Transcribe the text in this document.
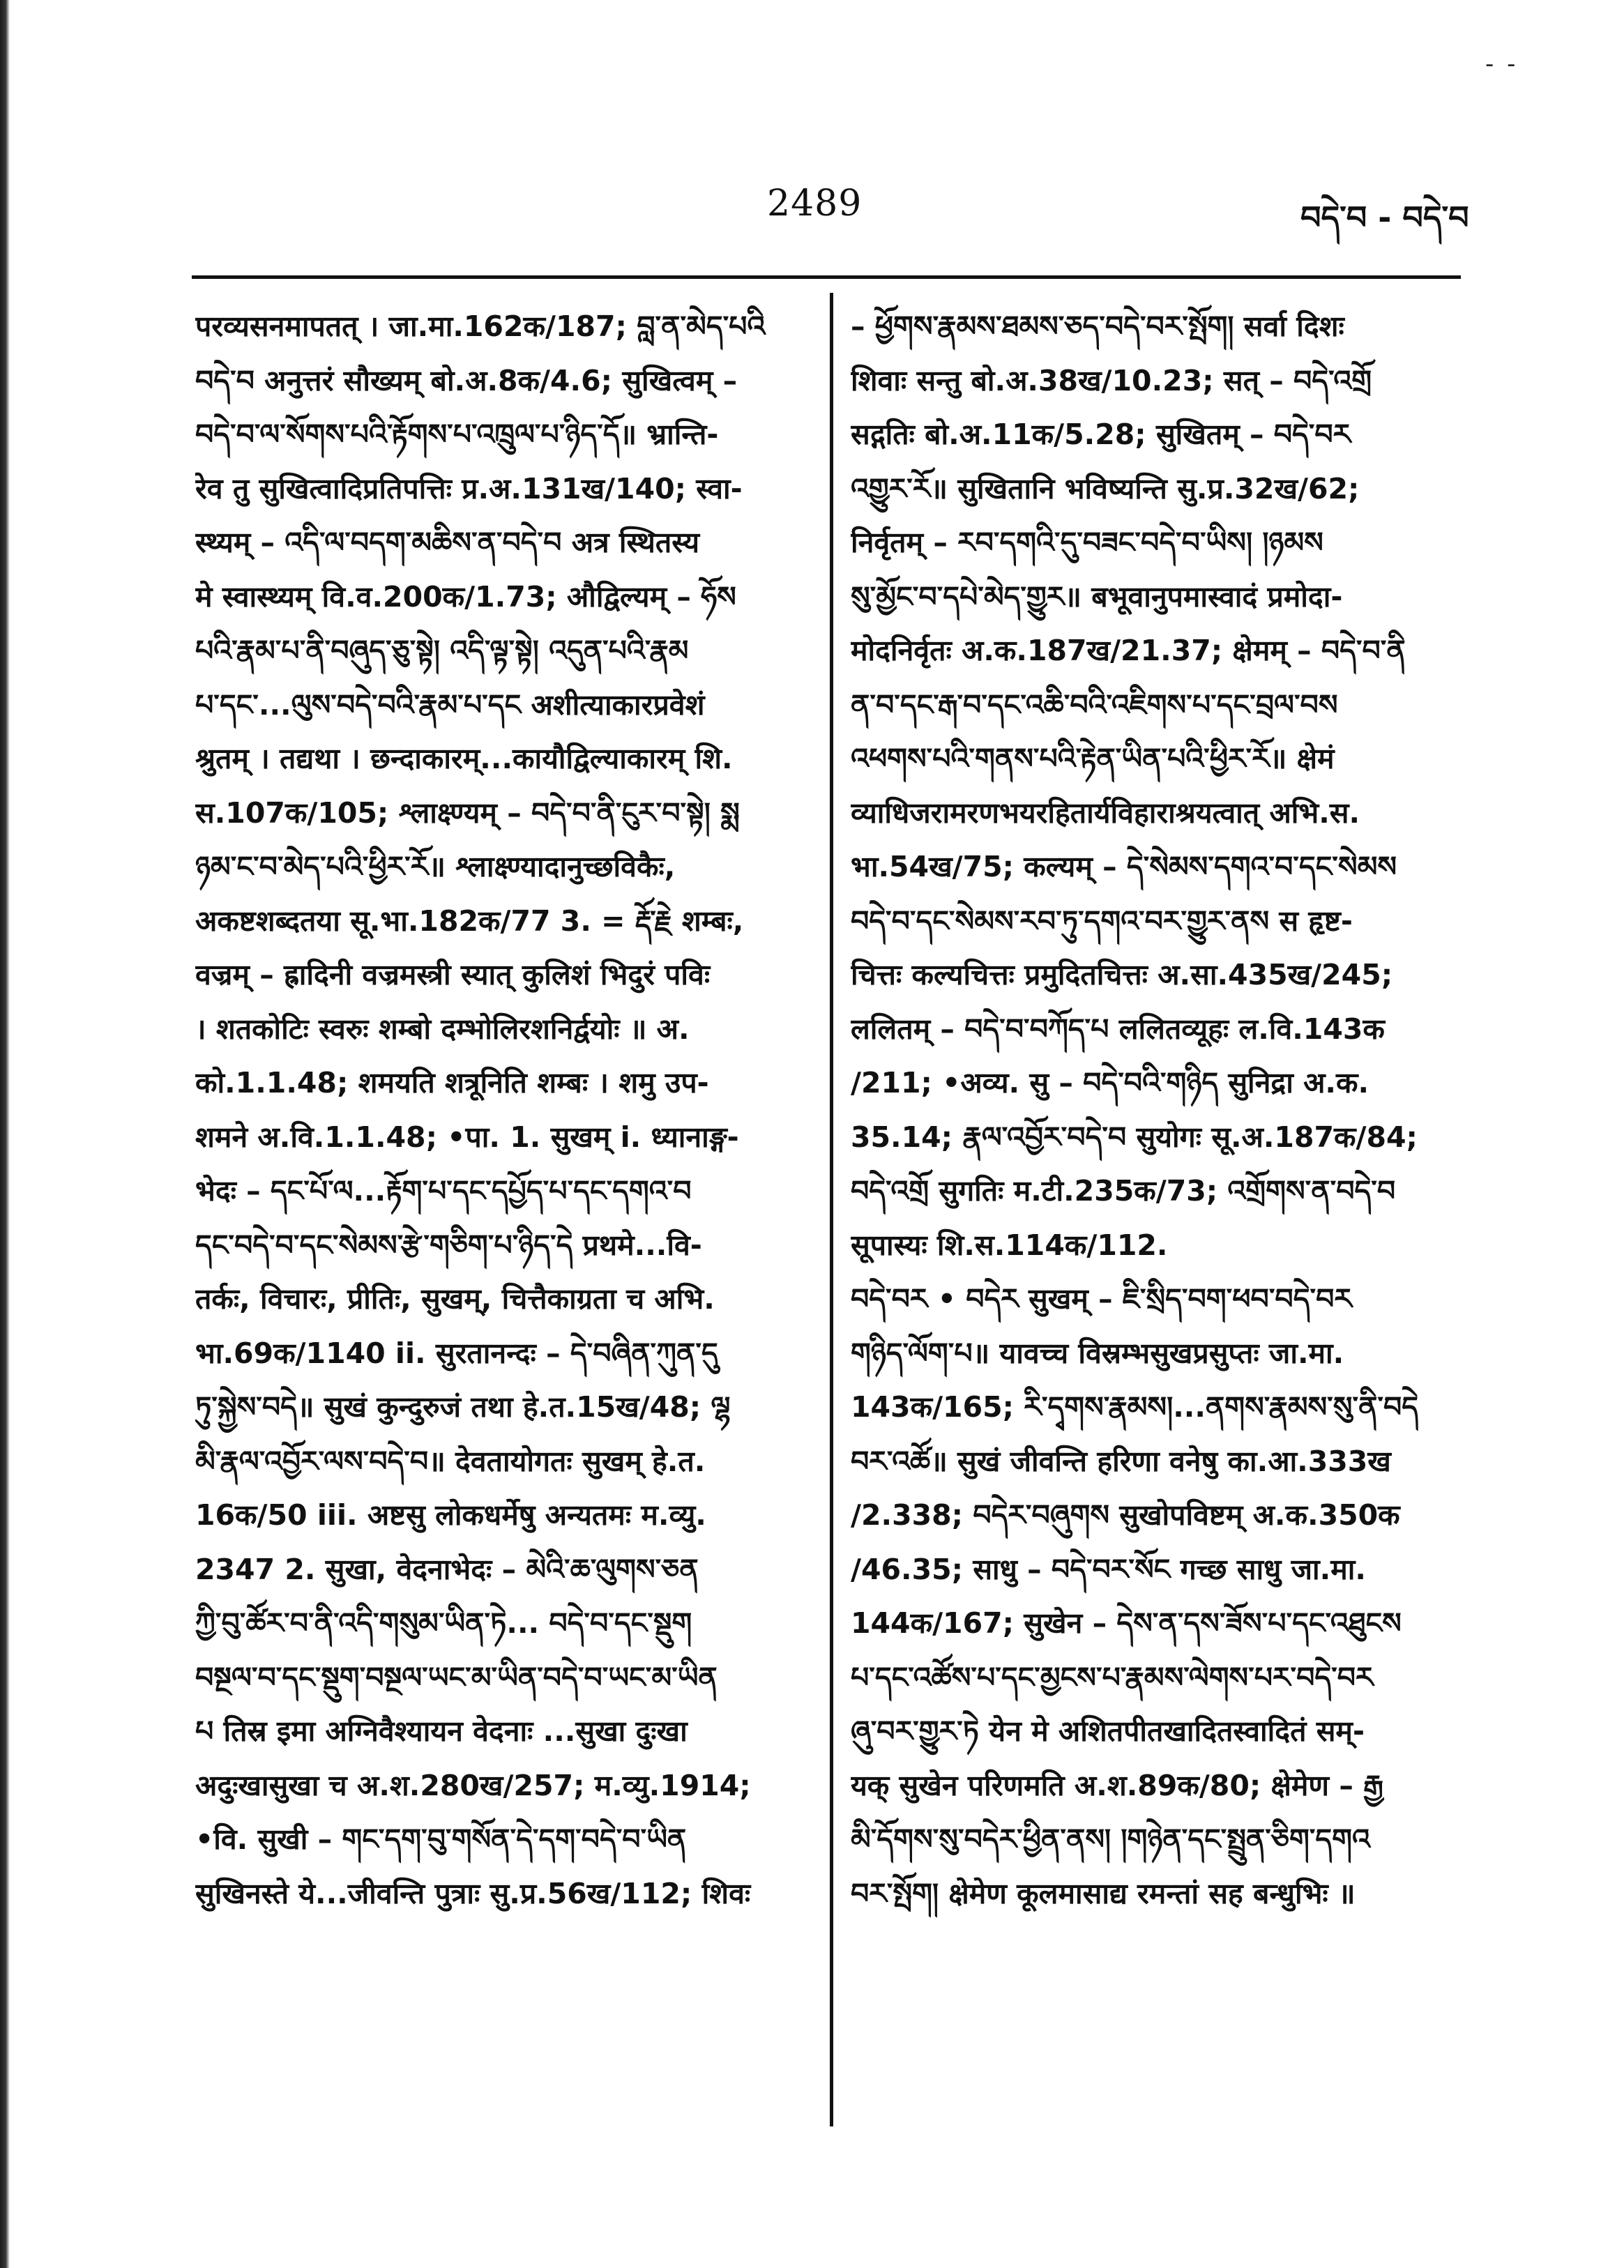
- -
2489	བདེ་བ - བདེ་བ
परव्यसनमापतत् । जा.मा.162क/187; བླ་ན་མེད་པའི
བདེ་བ अनुत्तरं सौख्यम् बो.अ.8क/4.6; सुखित्वम् –
བདེ་བ་ལ་སོགས་པའི་རྟོགས་པ་འཁྲུལ་པ་ཉིད་དོ॥ भ्रान्ति-
रेव तु सुखित्वादिप्रतिपत्तिः प्र.अ.131ख/140; स्वा-
स्थ्यम् – འདི་ལ་བདག་མཆིས་ན་བདེ་བ अत्र स्थितस्य
मे स्वास्थ्यम् वि.व.200क/1.73; औद्विल्यम् – ཧོས
པའི་རྣམ་པ་ནི་བཞུད་ཅུ་སྟེ། འདི་ལྟ་སྟེ། འདུན་པའི་རྣམ
པ་དང་...ལུས་བདེ་བའི་རྣམ་པ་དང अशीत्याकारप्रवेशं
श्रुतम् । तद्यथा । छन्दाकारम्...कायौद्विल्याकारम् शि.
स.107क/105; श्लाक्ष्ण्यम् – བདེ་བ་ནི་ངུར་བ་སྟེ། སྨ
ཉམ་ང་བ་མེད་པའི་ཕྱིར་རོ॥ श्लाक्ष्ण्यादानुच्छविकैः,
अकष्टशब्दतया सू.भा.182क/77 3. = རྡོ་རྗེ शम्बः,
वज्रम् – ह्रादिनी वज्रमस्त्री स्यात् कुलिशं भिदुरं पविः
। शतकोटिः स्वरुः शम्बो दम्भोलिरशनिर्द्वयोः ॥ अ.
को.1.1.48; शमयति शत्रूनिति शम्बः । शमु उप-
शमने अ.वि.1.1.48; •पा. 1. सुखम् i. ध्यानाङ्ग-
भेदः – དང་པོ་ལ...རྟོག་པ་དང་དཔྱོད་པ་དང་དགའ་བ
དང་བདེ་བ་དང་སེམས་རྩེ་གཅིག་པ་ཉིད་དེ प्रथमे...वि-
तर्कः, विचारः, प्रीतिः, सुखम्, चित्तैकाग्रता च अभि.
भा.69क/1140 ii. सुरतानन्दः – དེ་བཞིན་ཀུན་དུ
ཏུ་སྐྱེས་བདེ॥ सुखं कुन्दुरुजं तथा हे.त.15ख/48; ལྷ
མི་རྣལ་འབྱོར་ལས་བདེ་བ॥ देवतायोगतः सुखम् हे.त.
16क/50 iii. अष्टसु लोकधर्मेषु अन्यतमः म.व्यु.
2347 2. सुखा, वेदनाभेदः – མེའི་ཆ་ལུགས་ཅན
ཀྱི་བུ་ཚོར་བ་ནི་འདི་གསུམ་ཡིན་ཏེ... བདེ་བ་དང་སྡུག
བསྔལ་བ་དང་སྡུག་བསྔལ་ཡང་མ་ཡིན་བདེ་བ་ཡང་མ་ཡིན
པ तिस्र इमा अग्निवैश्यायन वेदनाः ...सुखा दुःखा
अदुःखासुखा च अ.श.280ख/257; म.व्यु.1914;
•वि. सुखी – གང་དག་བུ་གསོན་དེ་དག་བདེ་བ་ཡིན
सुखिनस्ते ये...जीवन्ति पुत्राः सु.प्र.56ख/112; शिवः
– ཕྱོགས་རྣམས་ཐམས་ཅད་བདེ་བར་སྤོག། सर्वा दिशः
शिवाः सन्तु बो.अ.38ख/10.23; सत् – བདེ་འགྲོ
सद्गतिः बो.अ.11क/5.28; सुखितम् – བདེ་བར
འགྱུར་རོ॥ सुखितानि भविष्यन्ति सु.प्र.32ख/62;
निर्वृतम् – རབ་དགའི་དུ་བཟང་བདེ་བ་ཡིས། །ཉམས
སུ་མྱོང་བ་དཔེ་མེད་གྱུར॥ बभूवानुपमास्वादं प्रमोदा-
मोदनिर्वृतः अ.क.187ख/21.37; क्षेमम् – བདེ་བ་ནི
ན་བ་དང་རྒ་བ་དང་འཆི་བའི་འཇིགས་པ་དང་བྲལ་བས
འཕགས་པའི་གནས་པའི་རྟེན་ཡིན་པའི་ཕྱིར་རོ॥ क्षेमं
व्याधिजरामरणभयरहितार्यविहाराश्रयत्वात् अभि.स.
भा.54ख/75; कल्यम् – དེ་སེམས་དགའ་བ་དང་སེམས
བདེ་བ་དང་སེམས་རབ་ཏུ་དགའ་བར་གྱུར་ནས स हृष्ट-
चित्तः कल्यचित्तः प्रमुदितचित्तः अ.सा.435ख/245;
ललितम् – བདེ་བ་བཀོད་པ ललितव्यूहः ल.वि.143क
/211; •अव्य. सु – བདེ་བའི་གཉིད सुनिद्रा अ.क.
35.14; རྣལ་འབྱོར་བདེ་བ सुयोगः सू.अ.187क/84;
བདེ་འགྲོ सुगतिः म.टी.235क/73; འགྲོགས་ན་བདེ་བ
सूपास्यः शि.स.114क/112.
བདེ་བར • བདེར सुखम् – ཇི་སྲིད་བག་ཕབ་བདེ་བར
གཉིད་ལོག་པ॥ यावच्च विस्रम्भसुखप्रसुप्तः जा.मा.
143क/165; རི་དྭགས་རྣམས།...ནགས་རྣམས་སུ་ནི་བདེ
བར་འཚོ॥ सुखं जीवन्ति हरिणा वनेषु का.आ.333ख
/2.338; བདེར་བཞུགས सुखोपविष्टम् अ.क.350क
/46.35; साधु – བདེ་བར་སོང गच्छ साधु जा.मा.
144क/167; सुखेन – དེས་ན་དས་ཟོས་པ་དང་འཐུངས
པ་དང་འཚོས་པ་དང་མྱངས་པ་རྣམས་ལེགས་པར་བདེ་བར
ཞུ་བར་གྱུར་ཏེ येन मे अशितपीतखादितस्वादितं सम्-
यक् सुखेन परिणमति अ.श.89क/80; क्षेमेण – རྒྱ
མི་དོགས་སུ་བདེར་ཕྱིན་ནས། །གཉེན་དང་སྤྲུན་ཅིག་དགའ
བར་སྤོག། क्षेमेण कूलमासाद्य रमन्तां सह बन्धुभिः ॥
